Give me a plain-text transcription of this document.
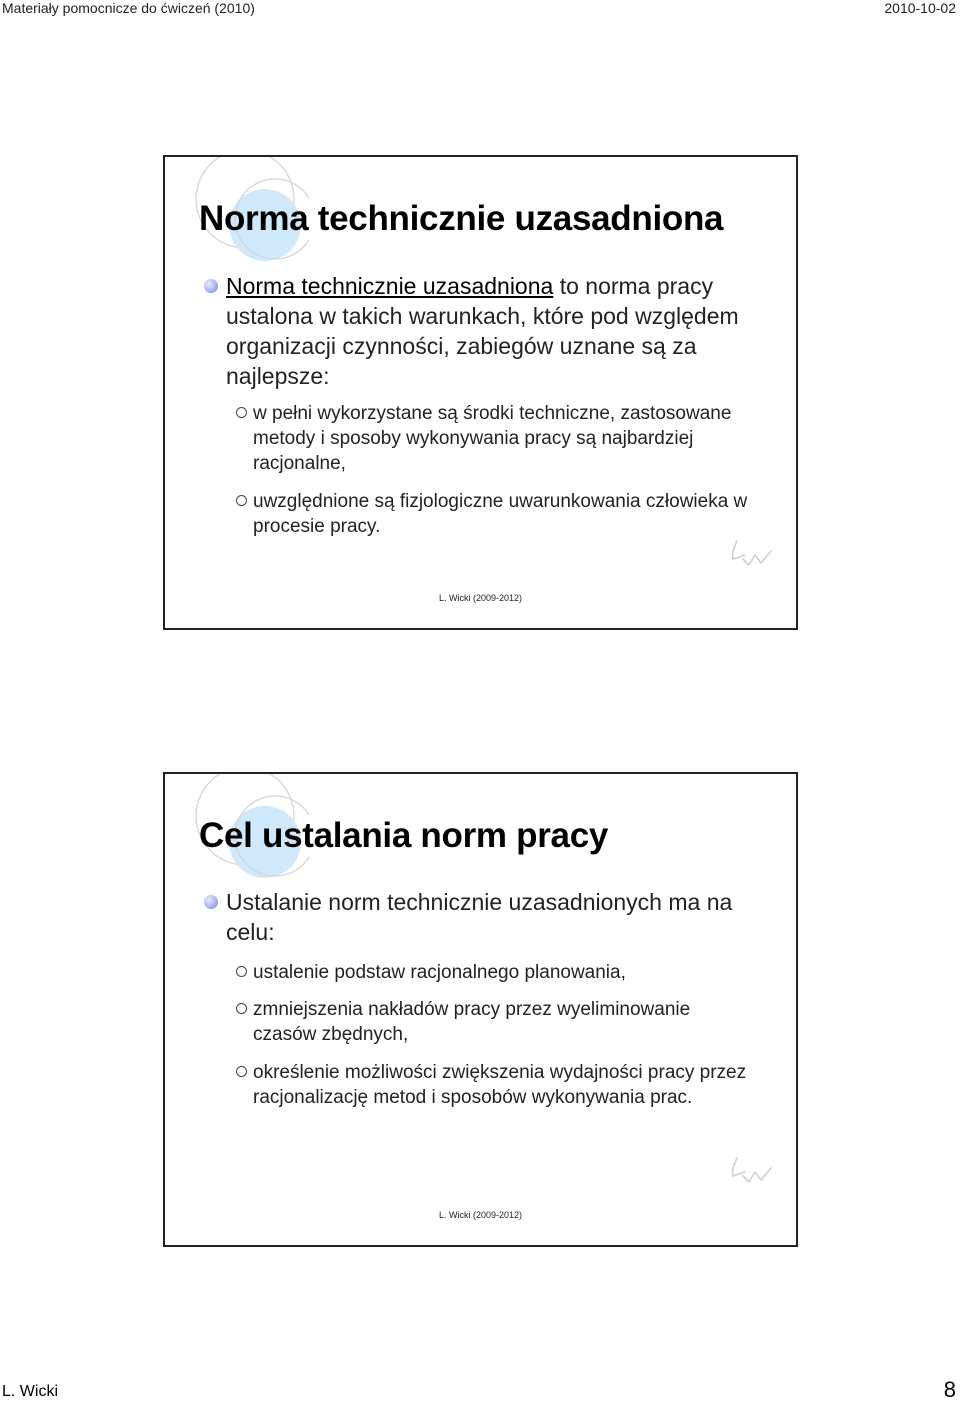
Materiały pomocnicze do ćwiczeń (2010)	2010-10-02
Norma technicznie uzasadniona
Norma technicznie uzasadniona to norma pracy ustalona w takich warunkach, które pod względem organizacji czynności, zabiegów uznane są za najlepsze:
w pełni wykorzystane są środki techniczne, zastosowane metody i sposoby wykonywania pracy są najbardziej racjonalne,
uwzględnione są fizjologiczne uwarunkowania człowieka w procesie pracy.
L. Wicki (2009-2012)
Cel ustalania norm pracy
Ustalanie norm technicznie uzasadnionych ma na celu:
ustalenie podstaw racjonalnego planowania,
zmniejszenia nakładów pracy przez wyeliminowanie czasów zbędnych,
określenie możliwości zwiększenia wydajności pracy przez racjonalizację metod i sposobów wykonywania prac.
L. Wicki (2009-2012)
L. Wicki	8
